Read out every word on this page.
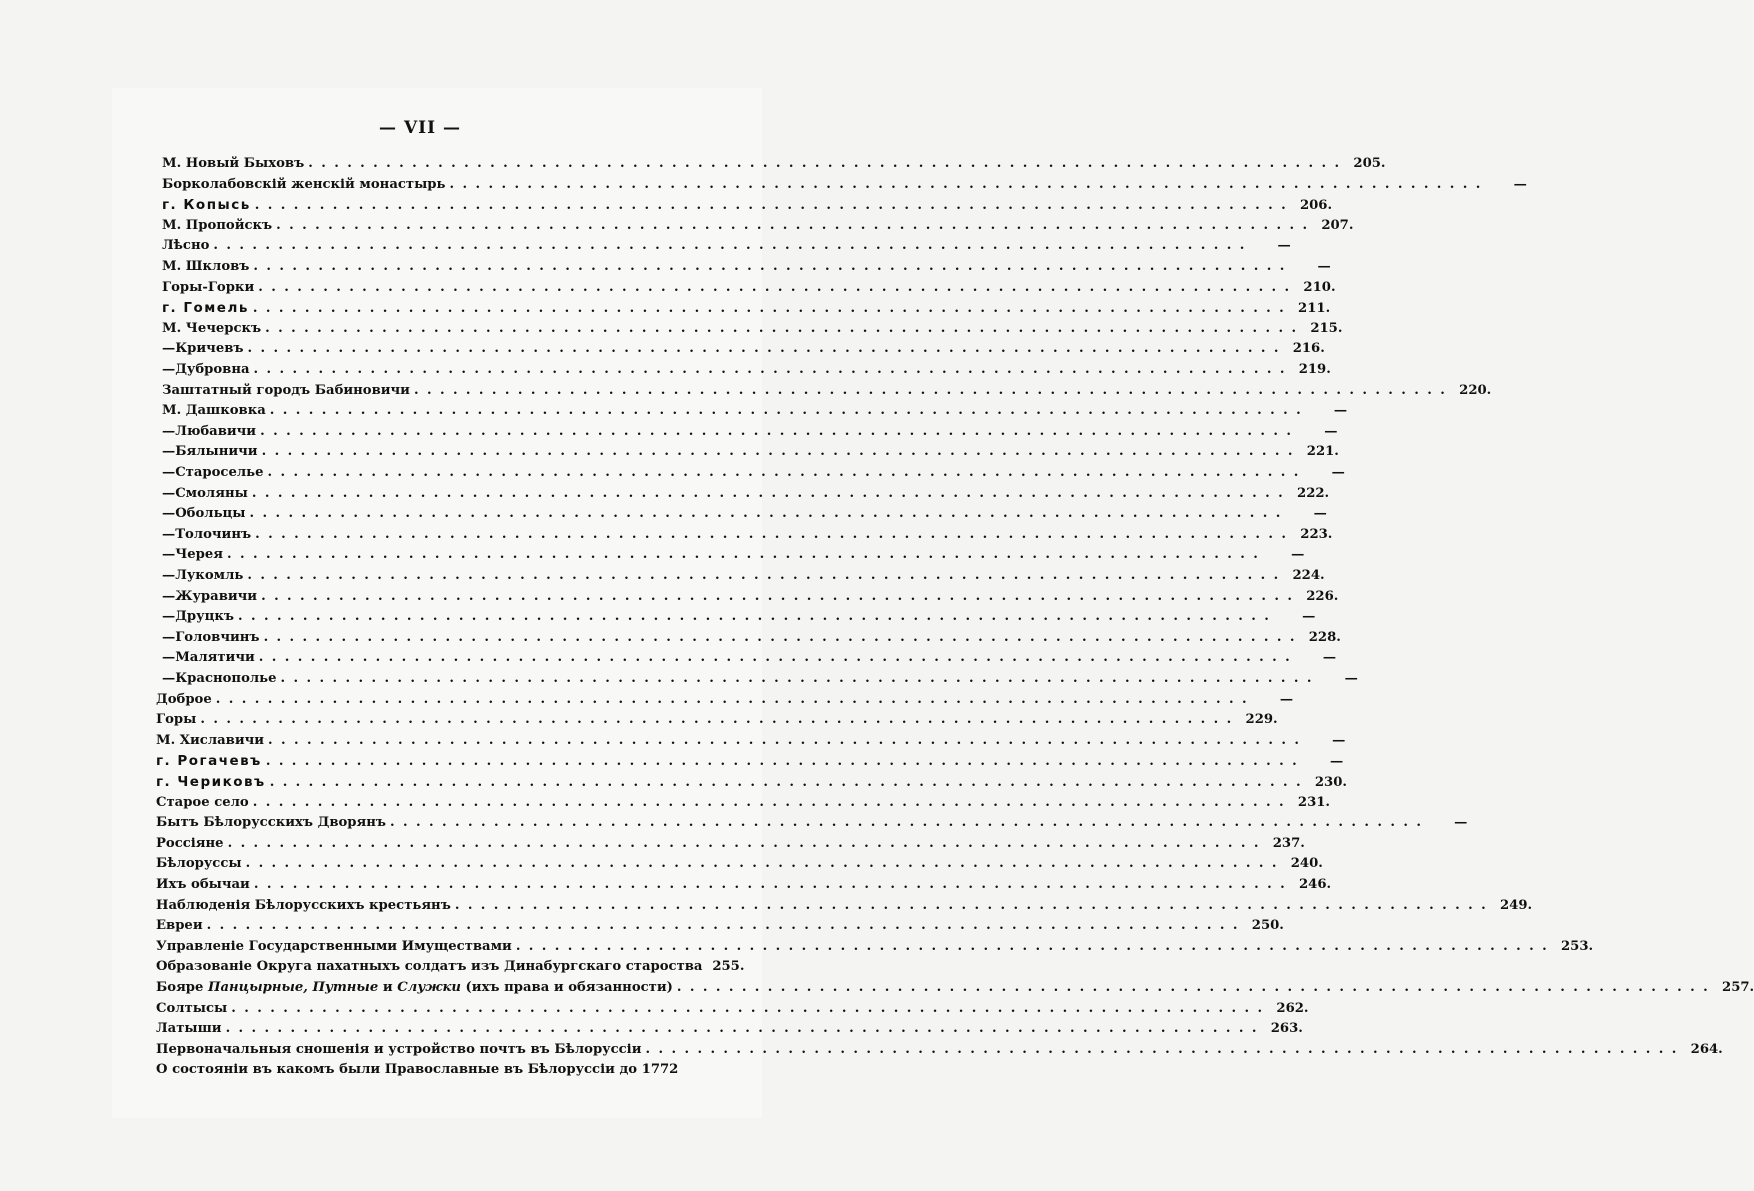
— VII —
М. Новый Быховъ ................................................................................ 205.
Борколабовскій женскій монастырь ................................................................................	—
г. Копысь ................................................................................ 206.
М. Пропойскъ ................................................................................ 207.
Лѣсно ................................................................................	—
М. Шкловъ ................................................................................	—
Горы-Горки ................................................................................ 210.
г. Гомель ................................................................................ 211.
М. Чечерскъ ................................................................................ 215.
— Кричевъ ................................................................................ 216.
— Дубровна ................................................................................ 219.
Заштатный городъ Бабиновичи ................................................................................ 220.
М. Дашковка ................................................................................	—
— Любавичи ................................................................................	—
— Бялыничи ................................................................................ 221.
— Староселье ................................................................................	—
— Смоляны ................................................................................ 222.
— Обольцы ................................................................................	—
— Толочинъ ................................................................................ 223.
— Черея ................................................................................	—
— Лукомль ................................................................................ 224.
— Журавичи ................................................................................ 226.
— Друцкъ ................................................................................	—
— Головчинъ ................................................................................ 228.
— Малятичи ................................................................................	—
— Краснополье ................................................................................	—
Доброе ................................................................................	—
Горы ................................................................................ 229.
М. Хиславичи ................................................................................	—
г. Рогачевъ ................................................................................	—
г. Чериковъ ................................................................................ 230.
Старое село ................................................................................ 231.
Бытъ Бѣлорусскихъ Дворянъ ................................................................................	—
Россіяне ................................................................................ 237.
Бѣлоруссы ................................................................................ 240.
Ихъ обычаи ................................................................................ 246.
Наблюденія Бѣлорусскихъ крестьянъ ................................................................................ 249.
Евреи ................................................................................ 250.
Управленіе Государственными Имуществами ................................................................................ 253.
Образованіе Округа пахатныхъ солдатъ изъ Динабургскаго староства 255.
Бояре Панцырные, Путные и Служки (ихъ права и обязанности) ................................................................................ 257.
Солтысы ................................................................................ 262.
Латыши ................................................................................ 263.
Первоначальныя сношенія и устройство почтъ въ Бѣлоруссіи ................................................................................ 264.
О состояніи въ какомъ были Православные въ Бѣлоруссіи до 1772
